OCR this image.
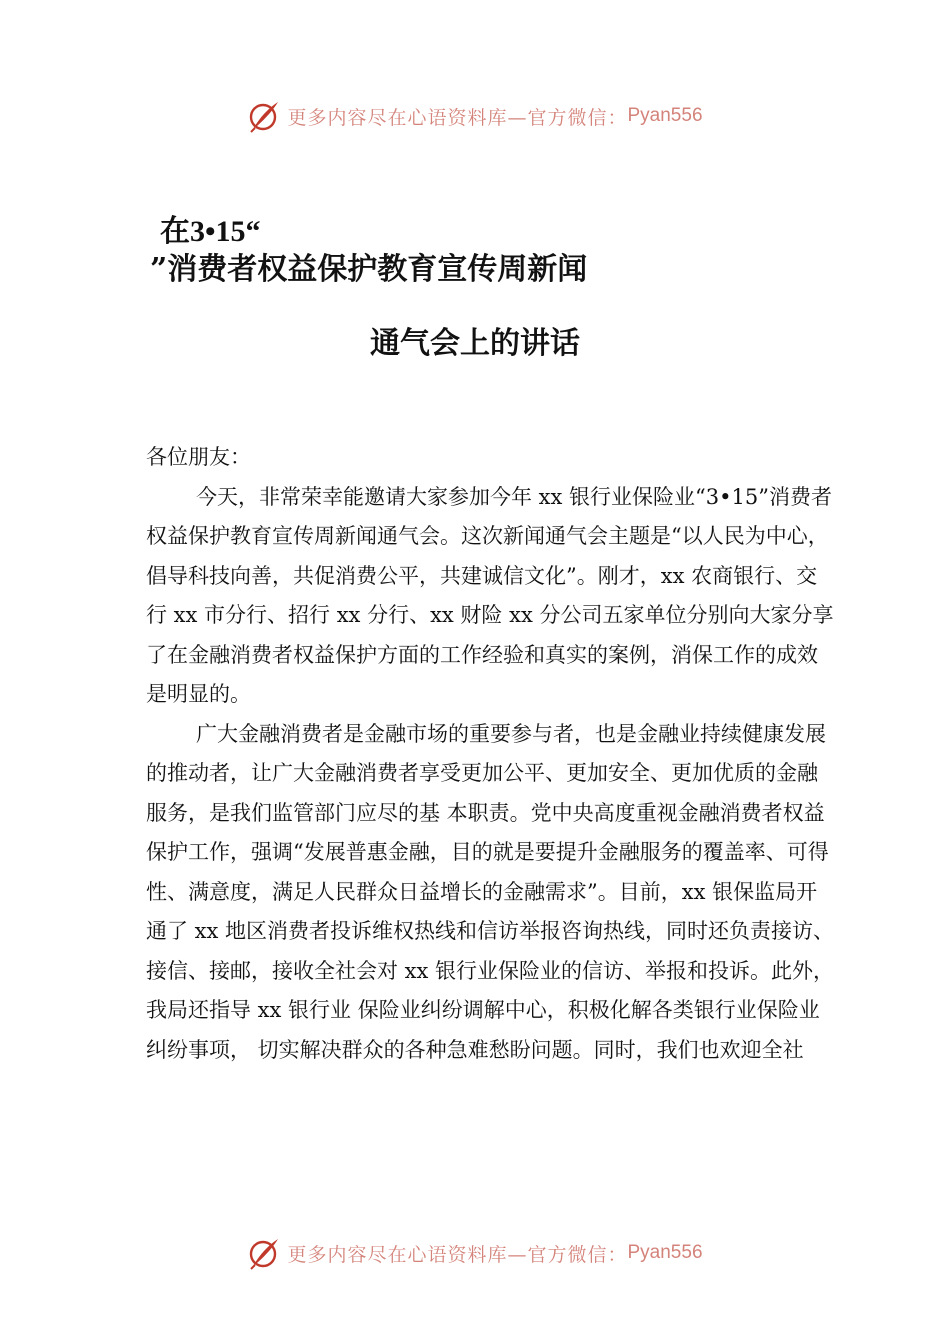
更多内容尽在心语资料库—官方微信： Pyan556
在3•15“
”消费者权益保护教育宣传周新闻
通气会上的讲话

各位朋友：

今天，非常荣幸能邀请大家参加今年 xx 银行业保险业“3•15”消费者权益保护教育宣传周新闻通气会。这次新闻通气会主题是“以人民为中心，倡导科技向善，共促消费公平，共建诚信文化”。刚才，xx 农商银行、交行 xx 市分行、招行 xx 分行、xx 财险 xx 分公司五家单位分别向大家分享了在金融消费者权益保护方面的工作经验和真实的案例，消保工作的成效是明显的。

广大金融消费者是金融市场的重要参与者，也是金融业持续健康发展的推动者，让广大金融消费者享受更加公平、更加安全、更加优质的金融服务，是我们监管部门应尽的基 本职责。党中央高度重视金融消费者权益保护工作，强调“发展普惠金融，目的就是要提升金融服务的覆盖率、可得性、满意度，满足人民群众日益增长的金融需求”。目前，xx 银保监局开通了 xx 地区消费者投诉维权热线和信访举报咨询热线，同时还负责接访、接信、接邮，接收全社会对 xx 银行业保险业的信访、举报和投诉。此外，我局还指导 xx 银行业 保险业纠纷调解中心，积极化解各类银行业保险业纠纷事项， 切实解决群众的各种急难愁盼问题。同时，我们也欢迎全社

更多内容尽在心语资料库—官方微信： Pyan556
